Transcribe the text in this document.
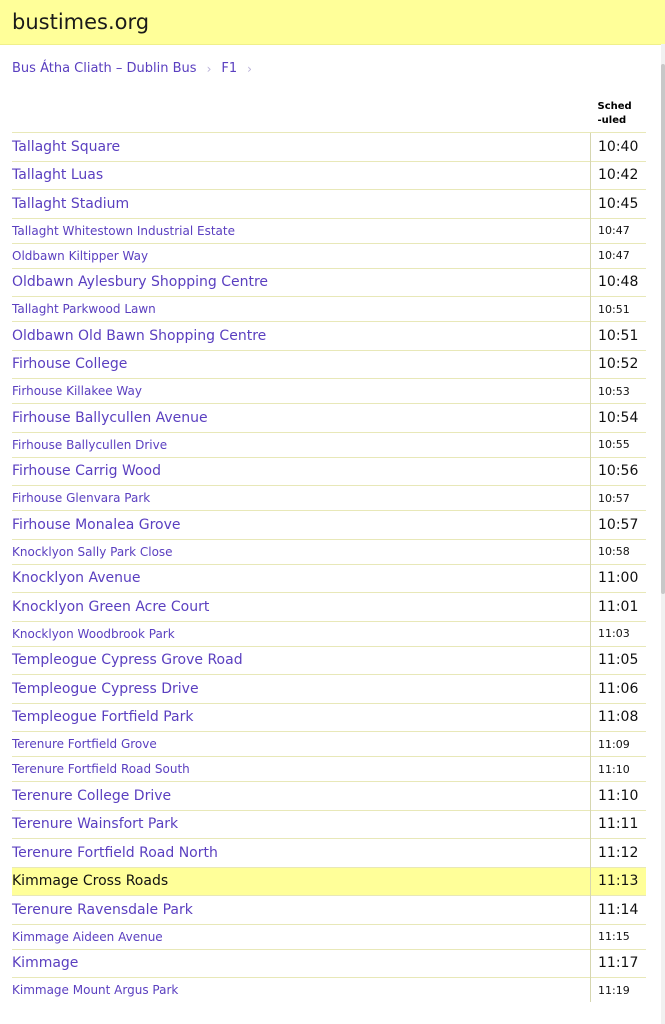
bustimes.org
Bus Átha Cliath – Dublin Bus › F1 ›
	Sched-uled
Tallaght Square	10:40
Tallaght Luas	10:42
Tallaght Stadium	10:45
Tallaght Whitestown Industrial Estate	10:47
Oldbawn Kiltipper Way	10:47
Oldbawn Aylesbury Shopping Centre	10:48
Tallaght Parkwood Lawn	10:51
Oldbawn Old Bawn Shopping Centre	10:51
Firhouse College	10:52
Firhouse Killakee Way	10:53
Firhouse Ballycullen Avenue	10:54
Firhouse Ballycullen Drive	10:55
Firhouse Carrig Wood	10:56
Firhouse Glenvara Park	10:57
Firhouse Monalea Grove	10:57
Knocklyon Sally Park Close	10:58
Knocklyon Avenue	11:00
Knocklyon Green Acre Court	11:01
Knocklyon Woodbrook Park	11:03
Templeogue Cypress Grove Road	11:05
Templeogue Cypress Drive	11:06
Templeogue Fortfield Park	11:08
Terenure Fortfield Grove	11:09
Terenure Fortfield Road South	11:10
Terenure College Drive	11:10
Terenure Wainsfort Park	11:11
Terenure Fortfield Road North	11:12
Kimmage Cross Roads	11:13
Terenure Ravensdale Park	11:14
Kimmage Aideen Avenue	11:15
Kimmage	11:17
Kimmage Mount Argus Park	11:19
